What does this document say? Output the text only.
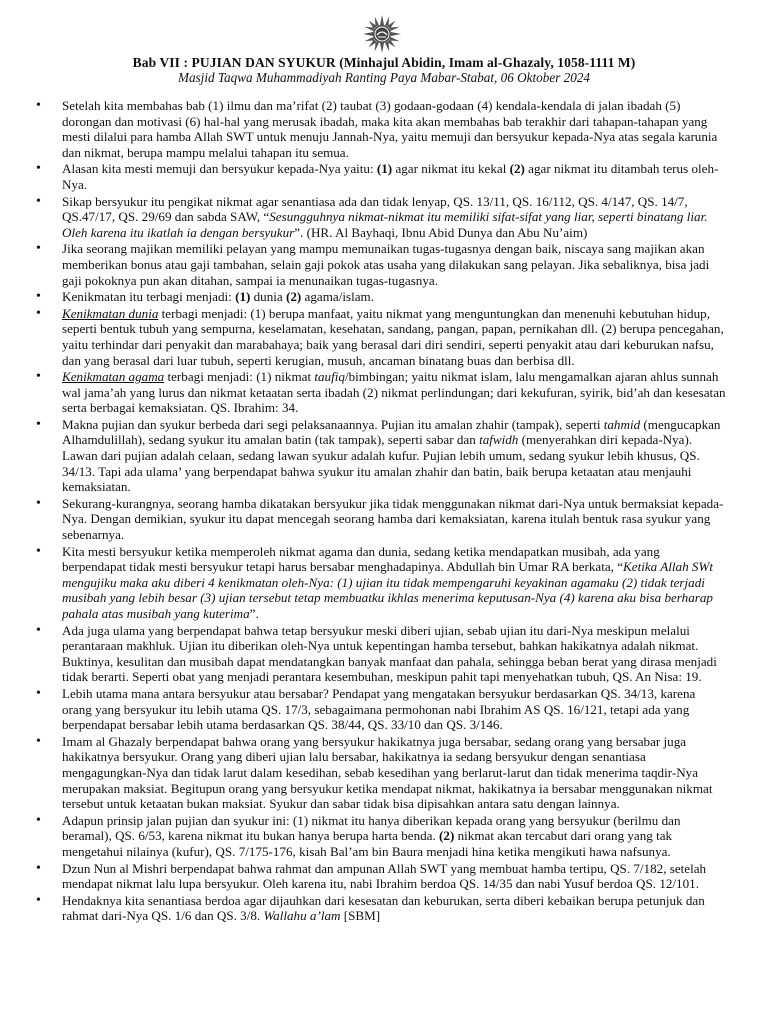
Bab VII : PUJIAN DAN SYUKUR (Minhajul Abidin, Imam al-Ghazaly, 1058-1111 M)
Masjid Taqwa Muhammadiyah Ranting Paya Mabar-Stabat, 06 Oktober 2024
• Setelah kita membahas bab (1) ilmu dan ma’rifat (2) taubat (3) godaan-godaan (4) kendala-kendala di jalan ibadah (5) dorongan dan motivasi (6) hal-hal yang merusak ibadah, maka kita akan membahas bab terakhir dari tahapan-tahapan yang mesti dilalui para hamba Allah SWT untuk menuju Jannah-Nya, yaitu memuji dan bersyukur kepada-Nya atas segala karunia dan nikmat, berupa mampu melalui tahapan itu semua.
• Alasan kita mesti memuji dan bersyukur kepada-Nya yaitu: (1) agar nikmat itu kekal (2) agar nikmat itu ditambah terus oleh-Nya.
• Sikap bersyukur itu pengikat nikmat agar senantiasa ada dan tidak lenyap, QS. 13/11, QS. 16/112, QS. 4/147, QS. 14/7, QS.47/17, QS. 29/69 dan sabda SAW, “Sesungguhnya nikmat-nikmat itu memiliki sifat-sifat yang liar, seperti binatang liar. Oleh karena itu ikatlah ia dengan bersyukur”. (HR. Al Bayhaqi, Ibnu Abid Dunya dan Abu Nu’aim)
• Jika seorang majikan memiliki pelayan yang mampu memunaikan tugas-tugasnya dengan baik, niscaya sang majikan akan memberikan bonus atau gaji tambahan, selain gaji pokok atas usaha yang dilakukan sang pelayan. Jika sebaliknya, bisa jadi gaji pokoknya pun akan ditahan, sampai ia menunaikan tugas-tugasnya.
• Kenikmatan itu terbagi menjadi: (1) dunia (2) agama/islam.
• Kenikmatan dunia terbagi menjadi: (1) berupa manfaat, yaitu nikmat yang menguntungkan dan menenuhi kebutuhan hidup, seperti bentuk tubuh yang sempurna, keselamatan, kesehatan, sandang, pangan, papan, pernikahan dll. (2) berupa pencegahan, yaitu terhindar dari penyakit dan marabahaya; baik yang berasal dari diri sendiri, seperti penyakit atau dari keburukan nafsu, dan yang berasal dari luar tubuh, seperti kerugian, musuh, ancaman binatang buas dan berbisa dll.
• Kenikmatan agama terbagi menjadi: (1) nikmat taufiq/bimbingan; yaitu nikmat islam, lalu mengamalkan ajaran ahlus sunnah wal jama’ah yang lurus dan nikmat ketaatan serta ibadah (2) nikmat perlindungan; dari kekufuran, syirik, bid’ah dan kesesatan serta berbagai kemaksiatan. QS. Ibrahim: 34.
• Makna pujian dan syukur berbeda dari segi pelaksanaannya. Pujian itu amalan zhahir (tampak), seperti tahmid (mengucapkan Alhamdulillah), sedang syukur itu amalan batin (tak tampak), seperti sabar dan tafwidh (menyerahkan diri kepada-Nya). Lawan dari pujian adalah celaan, sedang lawan syukur adalah kufur. Pujian lebih umum, sedang syukur lebih khusus, QS. 34/13. Tapi ada ulama’ yang berpendapat bahwa syukur itu amalan zhahir dan batin, baik berupa ketaatan atau menjauhi kemaksiatan.
• Sekurang-kurangnya, seorang hamba dikatakan bersyukur jika tidak menggunakan nikmat dari-Nya untuk bermaksiat kepada-Nya. Dengan demikian, syukur itu dapat mencegah seorang hamba dari kemaksiatan, karena itulah bentuk rasa syukur yang sebenarnya.
• Kita mesti bersyukur ketika memperoleh nikmat agama dan dunia, sedang ketika mendapatkan musibah, ada yang berpendapat tidak mesti bersyukur tetapi harus bersabar menghadapinya. Abdullah bin Umar RA berkata, “Ketika Allah SWt mengujiku maka aku diberi 4 kenikmatan oleh-Nya: (1) ujian itu tidak mempengaruhi keyakinan agamaku (2) tidak terjadi musibah yang lebih besar (3) ujian tersebut tetap membuatku ikhlas menerima keputusan-Nya (4) karena aku bisa berharap pahala atas musibah yang kuterima”.
• Ada juga ulama yang berpendapat bahwa tetap bersyukur meski diberi ujian, sebab ujian itu dari-Nya meskipun melalui perantaraan makhluk. Ujian itu diberikan oleh-Nya untuk kepentingan hamba tersebut, bahkan hakikatnya adalah nikmat. Buktinya, kesulitan dan musibah dapat mendatangkan banyak manfaat dan pahala, sehingga beban berat yang dirasa menjadi tidak berarti. Seperti obat yang menjadi perantara kesembuhan, meskipun pahit tapi menyehatkan tubuh, QS. An Nisa: 19.
• Lebih utama mana antara bersyukur atau bersabar? Pendapat yang mengatakan bersyukur berdasarkan QS. 34/13, karena orang yang bersyukur itu lebih utama QS. 17/3, sebagaimana permohonan nabi Ibrahim AS QS. 16/121, tetapi ada yang berpendapat bersabar lebih utama berdasarkan QS. 38/44, QS. 33/10 dan QS. 3/146.
• Imam al Ghazaly berpendapat bahwa orang yang bersyukur hakikatnya juga bersabar, sedang orang yang bersabar juga hakikatnya bersyukur. Orang yang diberi ujian lalu bersabar, hakikatnya ia sedang bersyukur dengan senantiasa mengagungkan-Nya dan tidak larut dalam kesedihan, sebab kesedihan yang berlarut-larut dan tidak menerima taqdir-Nya merupakan maksiat. Begitupun orang yang bersyukur ketika mendapat nikmat, hakikatnya ia bersabar menggunakan nikmat tersebut untuk ketaatan bukan maksiat. Syukur dan sabar tidak bisa dipisahkan antara satu dengan lainnya.
• Adapun prinsip jalan pujian dan syukur ini: (1) nikmat itu hanya diberikan kepada orang yang bersyukur (berilmu dan beramal), QS. 6/53, karena nikmat itu bukan hanya berupa harta benda. (2) nikmat akan tercabut dari orang yang tak mengetahui nilainya (kufur), QS. 7/175-176, kisah Bal’am bin Baura menjadi hina ketika mengikuti hawa nafsunya.
• Dzun Nun al Mishri berpendapat bahwa rahmat dan ampunan Allah SWT yang membuat hamba tertipu, QS. 7/182, setelah mendapat nikmat lalu lupa bersyukur. Oleh karena itu, nabi Ibrahim berdoa QS. 14/35 dan nabi Yusuf berdoa QS. 12/101.
• Hendaknya kita senantiasa berdoa agar dijauhkan dari kesesatan dan keburukan, serta diberi kebaikan berupa petunjuk dan rahmat dari-Nya QS. 1/6 dan QS. 3/8. Wallahu a’lam [SBM]
